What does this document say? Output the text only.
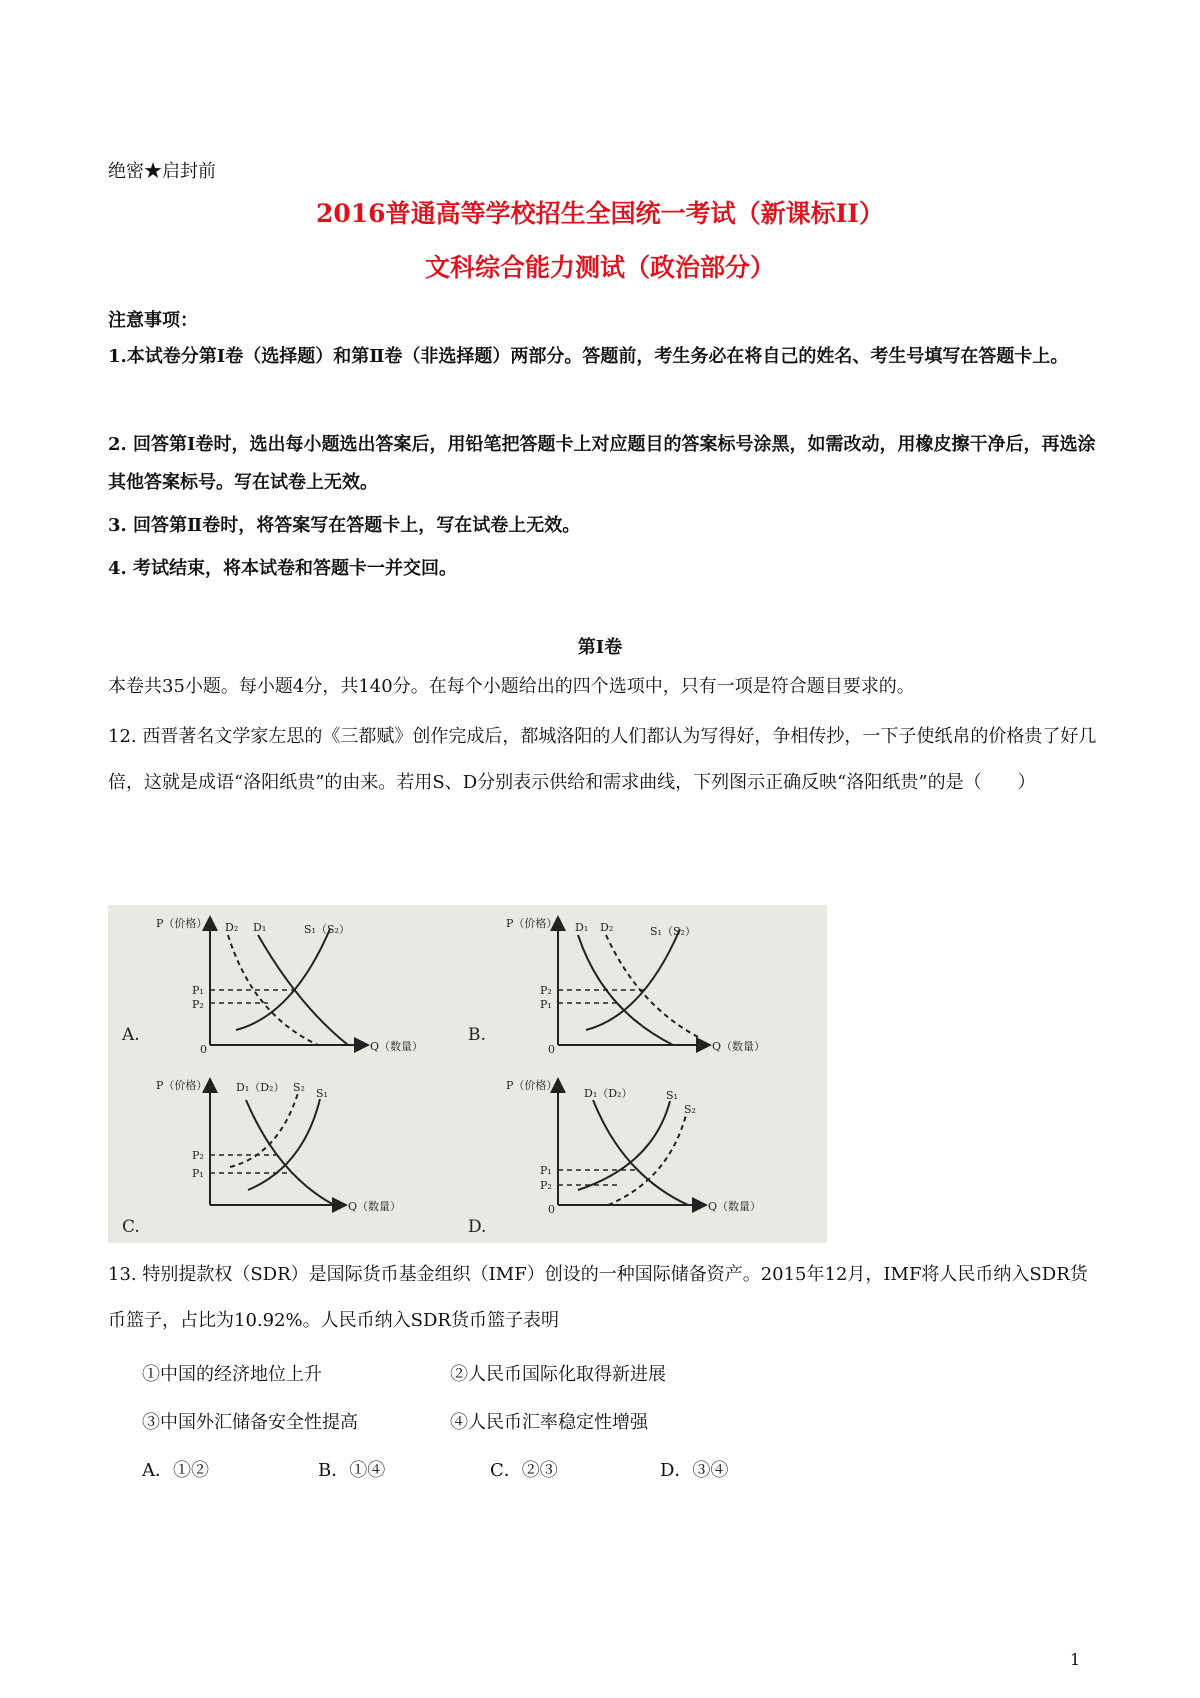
绝密★启封前
2016普通高等学校招生全国统一考试（新课标II）
文科综合能力测试（政治部分）
注意事项：
1.本试卷分第Ⅰ卷（选择题）和第Ⅱ卷（非选择题）两部分。答题前，考生务必在将自己的姓名、考生号填写在答题卡上。
2. 回答第Ⅰ卷时，选出每小题选出答案后，用铅笔把答题卡上对应题目的答案标号涂黑，如需改动，用橡皮擦干净后，再选涂其他答案标号。写在试卷上无效。
3. 回答第Ⅱ卷时，将答案写在答题卡上，写在试卷上无效。
4. 考试结束，将本试卷和答题卡一并交回。
第Ⅰ卷
本卷共35小题。每小题4分，共140分。在每个小题给出的四个选项中，只有一项是符合题目要求的。
12. 西晋著名文学家左思的《三都赋》创作完成后，都城洛阳的人们都认为写得好，争相传抄，一下子使纸帛的价格贵了好几倍，这就是成语“洛阳纸贵”的由来。若用S、D分别表示供给和需求曲线，下列图示正确反映“洛阳纸贵”的是（　　）
P（价格）
0	Q（数量）
D₂ D₁	S₁（S₂）
P₁
P₂
A.
P（价格）
0	Q（数量）
D₁ D₂	S₁（S₂）
P₂
P₁
B.
P（价格）
Q（数量）
D₁（D₂） S₂ S₁
P₂
P₁
C.
P（价格）
0	Q（数量）
D₁（D₂）	S₁
S₂
P₁
P₂
D.
13. 特别提款权（SDR）是国际货币基金组织（IMF）创设的一种国际储备资产。2015年12月，IMF将人民币纳入SDR货币篮子，占比为10.92%。人民币纳入SDR货币篮子表明
①中国的经济地位上升	②人民币国际化取得新进展
③中国外汇储备安全性提高	④人民币汇率稳定性增强
A．①②	B．①④	C．②③	D．③④
1
